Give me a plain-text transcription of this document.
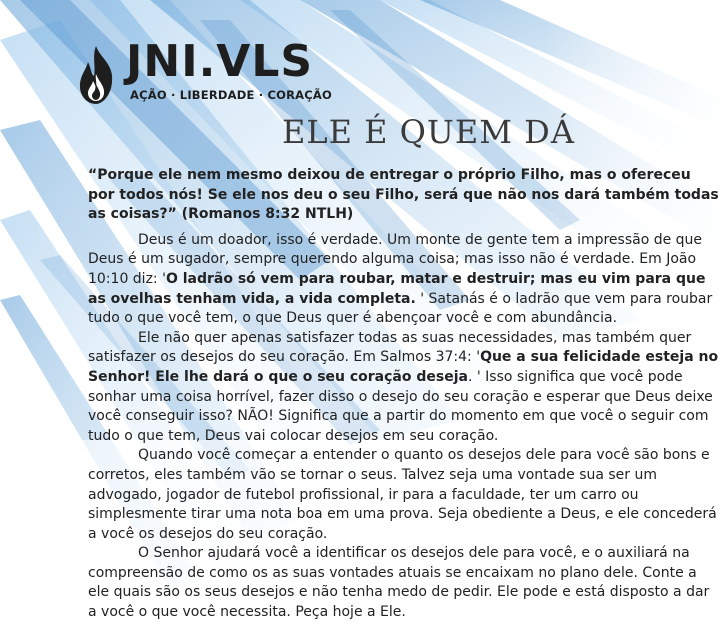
JNI.VLS
AÇÃO · LIBERDADE · CORAÇÃO
ELE É QUEM DÁ

“Porque ele nem mesmo deixou de entregar o próprio Filho, mas o ofereceu por todos nós! Se ele nos deu o seu Filho, será que não nos dará também todas as coisas?” (Romanos 8:32 NTLH)

Deus é um doador, isso é verdade. Um monte de gente tem a impressão de que Deus é um sugador, sempre querendo alguma coisa; mas isso não é verdade. Em João 10:10 diz: 'O ladrão só vem para roubar, matar e destruir; mas eu vim para que as ovelhas tenham vida, a vida completa. ' Satanás é o ladrão que vem para roubar tudo o que você tem, o que Deus quer é abençoar você e com abundância.

Ele não quer apenas satisfazer todas as suas necessidades, mas também quer satisfazer os desejos do seu coração. Em Salmos 37:4: 'Que a sua felicidade esteja no Senhor! Ele lhe dará o que o seu coração deseja. ' Isso significa que você pode sonhar uma coisa horrível, fazer disso o desejo do seu coração e esperar que Deus deixe você conseguir isso? NÃO! Significa que a partir do momento em que você o seguir com tudo o que tem, Deus vai colocar desejos em seu coração.

Quando você começar a entender o quanto os desejos dele para você são bons e corretos, eles também vão se tornar o seus. Talvez seja uma vontade sua ser um advogado, jogador de futebol profissional, ir para a faculdade, ter um carro ou simplesmente tirar uma nota boa em uma prova. Seja obediente a Deus, e ele concederá a você os desejos do seu coração.

O Senhor ajudará você a identificar os desejos dele para você, e o auxiliará na compreensão de como os as suas vontades atuais se encaixam no plano dele. Conte a ele quais são os seus desejos e não tenha medo de pedir. Ele pode e está disposto a dar a você o que você necessita. Peça hoje a Ele.
